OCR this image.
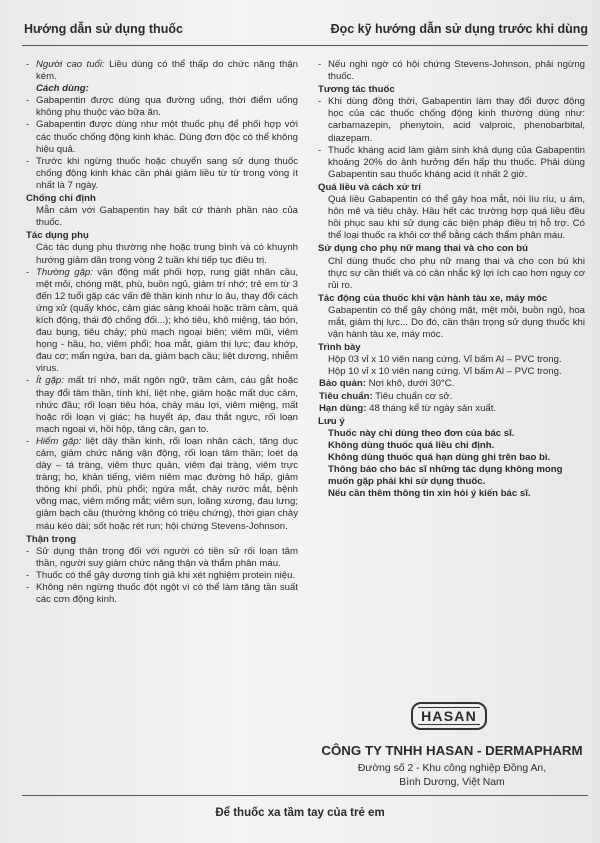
Hướng dẫn sử dụng thuốc	Đọc kỹ hướng dẫn sử dụng trước khi dùng
- Người cao tuổi: Liều dùng có thể thấp do chức năng thận kém.
Cách dùng:
- Gabapentin được dùng qua đường uống, thời điểm uống không phụ thuộc vào bữa ăn.
- Gabapentin được dùng như một thuốc phụ để phối hợp với các thuốc chống động kinh khác. Dùng đơn độc có thể không hiệu quả.
- Trước khi ngừng thuốc hoặc chuyển sang sử dụng thuốc chống động kinh khác cần phải giảm liều từ từ trong vòng ít nhất là 7 ngày.
Chống chỉ định
Mẫn cảm với Gabapentin hay bất cứ thành phần nào của thuốc.
Tác dụng phụ
Các tác dụng phụ thường nhẹ hoặc trung bình và có khuynh hướng giảm dần trong vòng 2 tuần khi tiếp tục điều trị.
- Thường gặp: vận động mất phối hợp, rung giật nhãn cầu, mệt mỏi, chóng mặt, phù, buồn ngủ, giảm trí nhớ; trẻ em từ 3 đến 12 tuổi gặp các vấn đề thần kinh như lo âu, thay đổi cách ứng xử (quấy khóc, cảm giác sảng khoái hoặc trầm cảm, quá kích động, thái độ chống đối...); khó tiêu, khô miệng, táo bón, đau bụng, tiêu chảy; phù mạch ngoại biên; viêm mũi, viêm họng - hầu, ho, viêm phổi; hoa mắt, giảm thị lực; đau khớp, đau cơ; mẩn ngứa, ban da, giảm bạch cầu; liệt dương, nhiễm virus.
- Ít gặp: mất trí nhớ, mất ngôn ngữ, trầm cảm, cáu gắt hoặc thay đổi tâm thần, tính khí, liệt nhẹ, giảm hoặc mất dục cảm, nhức đầu; rối loạn tiêu hóa, chảy máu lợi, viêm miệng, mất hoặc rối loạn vị giác; hạ huyết áp, đau thắt ngực, rối loạn mạch ngoại vi, hồi hộp, tăng cân, gan to.
- Hiếm gặp: liệt dây thần kinh, rối loạn nhân cách, tăng dục cảm, giảm chức năng vận động, rối loạn tâm thần; loét dạ dày – tá tràng, viêm thực quản, viêm đại tràng, viêm trực tràng; ho, khản tiếng, viêm niêm mạc đường hô hấp, giảm thông khí phổi, phù phổi; ngứa mắt, chảy nước mắt, bệnh võng mạc, viêm mống mắt; viêm sụn, loãng xương, đau lưng; giảm bạch cầu (thường không có triệu chứng), thời gian chảy máu kéo dài; sốt hoặc rét run; hội chứng Stevens-Johnson.
Thận trọng
- Sử dụng thận trọng đối với người có tiền sử rối loạn tâm thần, người suy giảm chức năng thận và thẩm phân máu.
- Thuốc có thể gây dương tính giả khi xét nghiệm protein niệu.
- Không nên ngừng thuốc đột ngột vì có thể làm tăng tần suất các cơn động kinh.
- Nếu nghi ngờ có hội chứng Stevens-Johnson, phải ngừng thuốc.
Tương tác thuốc
- Khi dùng đồng thời, Gabapentin làm thay đổi được động học của các thuốc chống động kinh thường dùng như: carbamazepin, phenytoin, acid valproic, phenobarbital, diazepam.
- Thuốc kháng acid làm giảm sinh khả dụng của Gabapentin khoảng 20% do ảnh hưởng đến hấp thu thuốc. Phải dùng Gabapentin sau thuốc kháng acid ít nhất 2 giờ.
Quá liều và cách xử trí
Quá liều Gabapentin có thể gây hoa mắt, nói líu ríu, u ám, hôn mê và tiêu chảy. Hầu hết các trường hợp quá liều đều hồi phục sau khi sử dụng các biện pháp điều trị hỗ trợ. Có thể loại thuốc ra khỏi cơ thể bằng cách thẩm phân máu.
Sử dụng cho phụ nữ mang thai và cho con bú
Chỉ dùng thuốc cho phụ nữ mang thai và cho con bú khi thực sự cần thiết và có cân nhắc kỹ lợi ích cao hơn nguy cơ rủi ro.
Tác động của thuốc khi vận hành tàu xe, máy móc
Gabapentin có thể gây chóng mặt, mệt mỏi, buồn ngủ, hoa mắt, giảm thị lực... Do đó, cần thận trọng sử dụng thuốc khi vận hành tàu xe, máy móc.
Trình bày
Hộp 03 vỉ x 10 viên nang cứng. Vỉ bấm Al – PVC trong.
Hộp 10 vỉ x 10 viên nang cứng. Vỉ bấm Al – PVC trong.
Bảo quản: Nơi khô, dưới 30°C.
Tiêu chuẩn: Tiêu chuẩn cơ sở.
Hạn dùng: 48 tháng kể từ ngày sản xuất.
Lưu ý

Thuốc này chỉ dùng theo đơn của bác sĩ.

Không dùng thuốc quá liều chỉ định.

Không dùng thuốc quá hạn dùng ghi trên bao bì.

Thông báo cho bác sĩ những tác dụng không mong muốn gặp phải khi sử dụng thuốc.

Nếu cần thêm thông tin xin hỏi ý kiến bác sĩ.

HASAN
CÔNG TY TNHH HASAN - DERMAPHARM
Đường số 2 - Khu công nghiệp Đồng An,
Bình Dương, Việt Nam
Để thuốc xa tầm tay của trẻ em
